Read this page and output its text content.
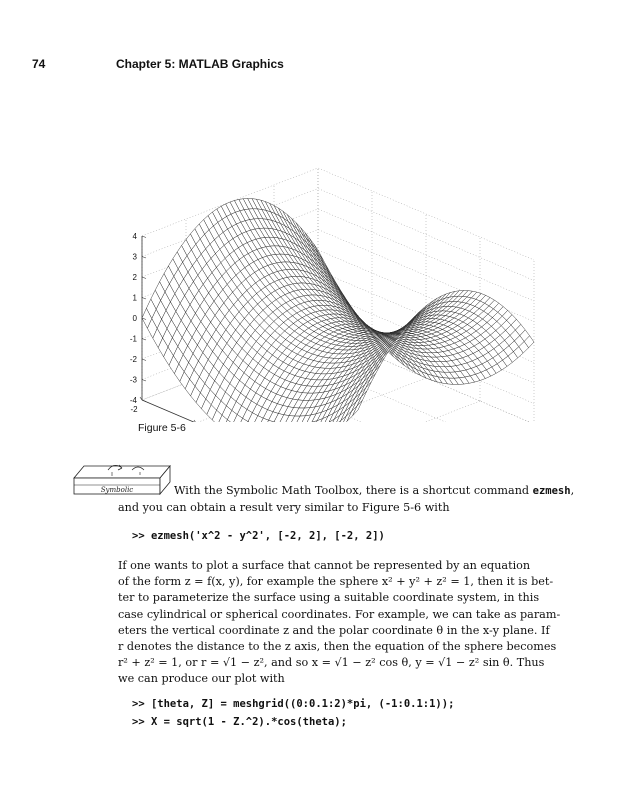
74	Chapter 5: MATLAB Graphics
-4
-3
-2
-1
0
1
2
3
4
-2
Figure 5-6
Symbolic	With the Symbolic Math Toolbox, there is a shortcut command ezmesh,
and you can obtain a result very similar to Figure 5-6 with
>> ezmesh('x^2 - y^2', [-2, 2], [-2, 2])
If one wants to plot a surface that cannot be represented by an equation
of the form z = f(x, y), for example the sphere x² + y² + z² = 1, then it is bet-
ter to parameterize the surface using a suitable coordinate system, in this
case cylindrical or spherical coordinates. For example, we can take as param-
eters the vertical coordinate z and the polar coordinate θ in the x-y plane. If
r denotes the distance to the z axis, then the equation of the sphere becomes
r² + z² = 1, or r = √1 − z², and so x = √1 − z² cos θ, y = √1 − z² sin θ. Thus
we can produce our plot with
>> [theta, Z] = meshgrid((0:0.1:2)*pi, (-1:0.1:1));
>> X = sqrt(1 - Z.^2).*cos(theta);
